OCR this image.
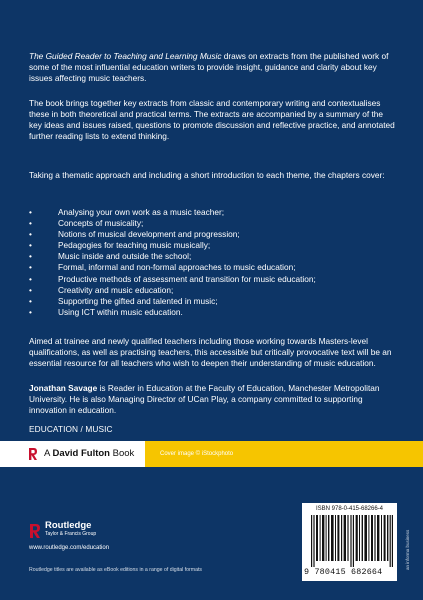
The Guided Reader to Teaching and Learning Music draws on extracts from the published work of some of the most influential education writers to provide insight, guidance and clarity about key issues affecting music teachers.

The book brings together key extracts from classic and contemporary writing and contextualises these in both theoretical and practical terms. The extracts are accompanied by a summary of the key ideas and issues raised, questions to promote discussion and reflective practice, and annotated further reading lists to extend thinking.

Taking a thematic approach and including a short introduction to each theme, the chapters cover:

•	Analysing your own work as a music teacher;
•	Concepts of musicality;
•	Notions of musical development and progression;
•	Pedagogies for teaching music musically;
•	Music inside and outside the school;
•	Formal, informal and non-formal approaches to music education;
•	Productive methods of assessment and transition for music education;
•	Creativity and music education;
•	Supporting the gifted and talented in music;
•	Using ICT within music education.

Aimed at trainee and newly qualified teachers including those working towards Masters-level qualifications, as well as practising teachers, this accessible but critically provocative text will be an essential resource for all teachers who wish to deepen their understanding of music education.

Jonathan Savage is Reader in Education at the Faculty of Education, Manchester Metropolitan University. He is also Managing Director of UCan Play, a company committed to supporting innovation in education.

EDUCATION / MUSIC
A David Fulton Book	Cover image © iStockphoto
Routledge
Taylor & Francis Group
www.routledge.com/education
Routledge titles are available as eBook editions in a range of digital formats
ISBN 978-0-415-68266-4
9 780415 682664
an informa business
